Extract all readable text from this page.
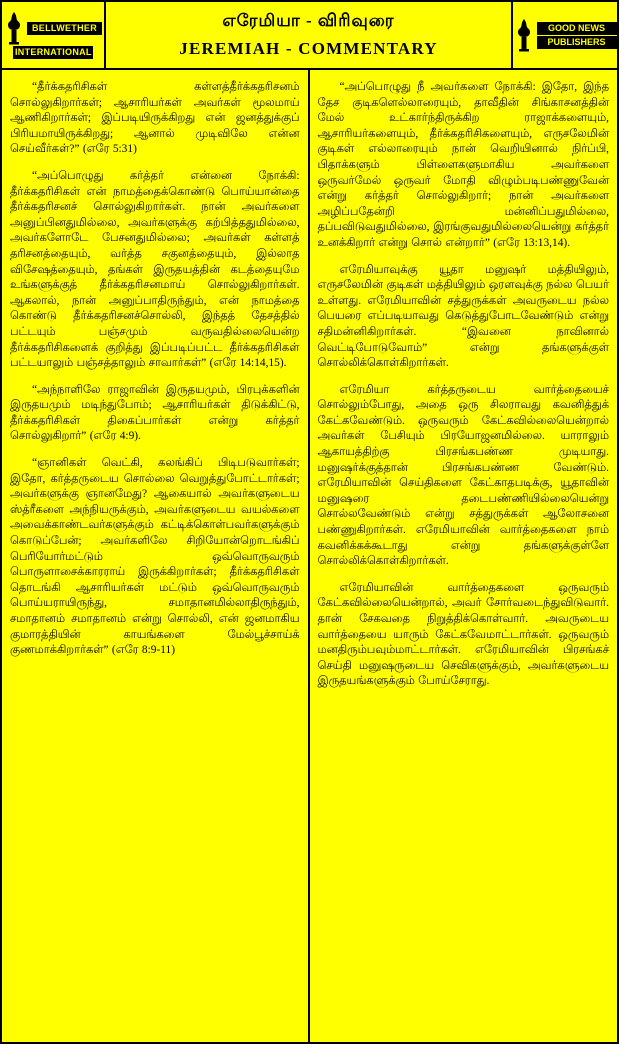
BELLWETHER
INTERNATIONAL
எரேமியா - விரிவுரை
JEREMIAH - COMMENTARY
GOOD NEWS
PUBLISHERS

“தீர்க்கதரிசிகள் கள்ளத்தீர்க்கதரிசனம் சொல்லுகிறார்கள்; ஆசாரியர்கள் அவர்கள் மூலமாய் ஆணிகிறார்கள்; இப்படியிருக்கிறது என் ஜனத்துக்குப் பிரியமாயிருக்கிறது; ஆனால் முடிவிலே என்ன செய்வீர்கள்?” (எரே 5:31)

“அப்பொழுது கர்த்தர் என்னை நோக்கி: தீர்க்கதரிசிகள் என் நாமத்தைக்கொண்டு பொய்யான்தை தீர்க்கதரிசனச் சொல்லுகிறார்கள். நான் அவர்களை அனுப்பினதுமில்லை, அவர்களுக்கு கற்பித்ததுமில்லை, அவர்களோடே பேசனதுமில்லை; அவர்கள் கள்ளத் தரிசனத்தையும், வர்த்த சகுனத்தையும், இல்லாத விசேஷத்தையும், தங்கள் இருதயத்தின் கடத்தையுமே உங்களுக்குத் தீர்க்கதரிசனமாய் சொல்லுகிறார்கள். ஆகலால், நான் அனுப்பாதிருந்தும், என் நாமத்தை கொண்டு தீர்க்கதரிசனச்சொல்லி, இந்தத் தேசத்தில் பட்டயும் பஞ்சமும் வருவதில்லையென்ற தீர்க்கதரிசிகளைக் குறித்து இப்படிப்பட்ட தீர்க்கதரிசிகள் பட்டயாலும் பஞ்சத்தாலும் சாவார்கள்” (எரே 14:14,15).

“அந்நாளிலே ராஜாவின் இருதயமும், பிரபுக்களின் இருதயமும் மடிந்துபோம்; ஆசாரியர்கள் திடுக்கிட்டு, தீர்க்கதரிசிகள் திகைப்பார்கள் என்று கர்த்தர் சொல்லுகிறார்” (எரே 4:9).

“ஞானிகள் வெட்கி, கலங்கிப் பிடிபடுவார்கள்; இதோ, கர்த்தருடைய சொல்லை வெறுத்துபோட்டார்கள்; அவர்களுக்கு ஞானமேது? ஆகையால் அவர்களுடைய ஸ்த்ரீகளை அந்நியருக்கும், அவர்களுடைய வயல்களை அவைக்காண்டவர்களுக்கும் கட்டிக்கொள்பவர்களுக்கும் கொடுப்பேன்; அவர்களிலே சிறியோன்றொடங்கிப் பெரியோர்மட்டும் ஒவ்வொருவரும் பொருளாசைக்காரராய் இருக்கிறார்கள்; தீர்க்கதரிசிகள் தொடங்கி ஆசாரியர்கள் மட்டும் ஒவ்வொருவரும் பொய்யராயிருந்து, சமாதானமில்லாதிருந்தும், சமாதானம் சமாதானம் என்று சொல்லி, என் ஜனமாகிய குமாரத்தியின் காயங்களை மேல்பூச்சாய்க் குணமாக்கிறார்கள்” (எரே 8:9-11)

“அப்பொழுது நீ அவர்களை நோக்கி: இதோ, இந்த தேச குடிகளெல்லாரையும், தாவீதின் சிங்காசனத்தின் மேல் உட்கார்ந்திருக்கிற ராஜாக்களையும், ஆசாரியர்களையும், தீர்க்கதரிசிகளையும், எருசலேமின் குடிகள் எல்லாரையும் நான் வெறியினால் நிர்ப்பி, பிதாக்களும் பிள்ளைகளுமாகிய அவர்களை ஒருவர்மேல் ஒருவர் மோதி விழும்படிபண்ணுவேன் என்று கர்த்தர் சொல்லுகிறார்; நான் அவர்களை அழிப்பதேன்றி மன்னிப்பதுமில்லை, தப்பவிடுவதுமில்லை, இரங்குவதுமில்லையென்று கர்த்தர் உனக்கிறார் என்று சொல் என்றார்” (எரே 13:13,14).

எரேமியாவுக்கு யூதா மனுஷர் மத்தியிலும், எருசலேமின் குடிகள் மத்தியிலும் ஒரளவுக்கு நல்ல பெயர் உள்ளது. எரேமியாவின் சத்துருக்கள் அவருடைய நல்ல பெயரை எப்படியாவது கெடுத்துபோடவேண்டும் என்று சதிமன்னிகிறார்கள். “இவனை நாவினால் வெட்டிபோடுவோம்” என்று தங்களுக்குள் சொல்லிக்கொள்கிறார்கள்.

எரேமியா கர்த்தருடைய வார்த்தையைச் சொல்லும்போது, அதை ஒரு சிலராவது கவனித்துக் கேட்கவேண்டும். ஒருவரும் கேட்கவில்லையென்றால் அவர்கள் பேசியும் பிரயோஜனமில்லை. யாராலும் ஆகாயத்திற்கு பிரசங்கபண்ண முடியாது. மனுஷர்க்குத்தான் பிரசங்கபண்ண வேண்டும். எரேமியாவின் செய்திகளை கேட்காதபடிக்கு, யூதாவின் மனுஷரை தடைபண்ணியில்லையென்று சொல்லவேண்டும் என்று சத்துருக்கள் ஆலோசனை பண்ணுகிறார்கள். எரேமியாவின் வார்த்தைகளை நாம் கவனிக்கக்கூடாது என்று தங்களுக்குள்ளே சொல்லிக்கொள்கிறார்கள்.

எரேமியாவின் வார்த்தைகளை ஒருவரும் கேட்கவில்லையென்றால், அவர் சோர்வடைந்துவிடுவார். தான் சேகவதை நிறுத்திக்கொள்வார். அவருடைய வார்த்தையை யாரும் கேட்கவேமாட்டார்கள். ஒருவரும் மனதிரும்பவும்மாட்டார்கள். எரேமியாவின் பிரசங்கச் செய்தி மனுஷருடைய செவிகளுக்கும், அவர்களுடைய இருதயங்களுக்கும் போய்சேராது.
